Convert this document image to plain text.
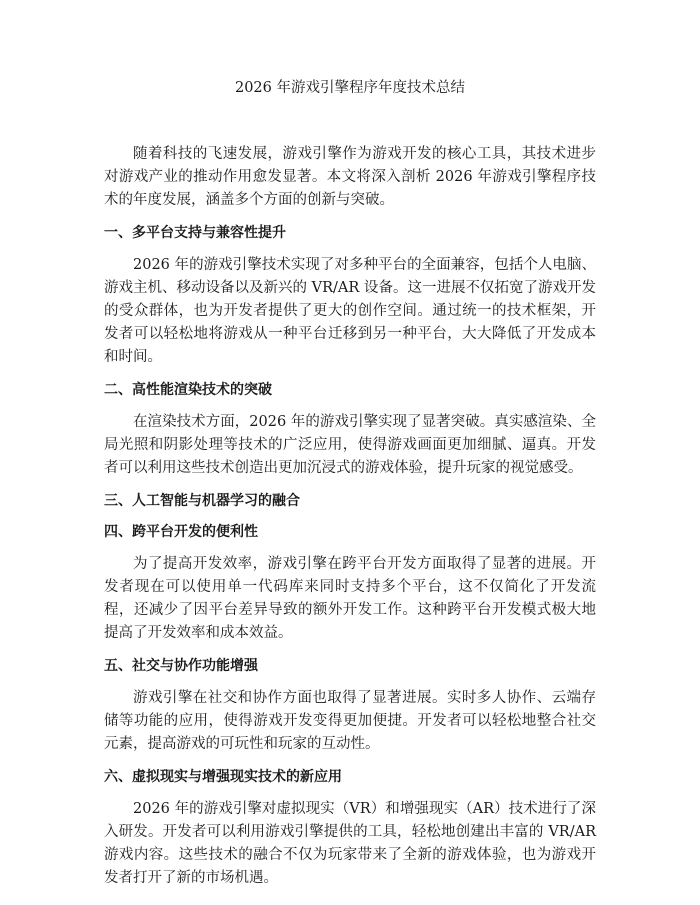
2026 年游戏引擎程序年度技术总结

随着科技的飞速发展，游戏引擎作为游戏开发的核心工具，其技术进步对游戏产业的推动作用愈发显著。本文将深入剖析 2026 年游戏引擎程序技术的年度发展，涵盖多个方面的创新与突破。

一、多平台支持与兼容性提升

2026 年的游戏引擎技术实现了对多种平台的全面兼容，包括个人电脑、游戏主机、移动设备以及新兴的 VR/AR 设备。这一进展不仅拓宽了游戏开发的受众群体，也为开发者提供了更大的创作空间。通过统一的技术框架，开发者可以轻松地将游戏从一种平台迁移到另一种平台，大大降低了开发成本和时间。

二、高性能渲染技术的突破

在渲染技术方面，2026 年的游戏引擎实现了显著突破。真实感渲染、全局光照和阴影处理等技术的广泛应用，使得游戏画面更加细腻、逼真。开发者可以利用这些技术创造出更加沉浸式的游戏体验，提升玩家的视觉感受。

三、人工智能与机器学习的融合
四、跨平台开发的便利性

为了提高开发效率，游戏引擎在跨平台开发方面取得了显著的进展。开发者现在可以使用单一代码库来同时支持多个平台，这不仅简化了开发流程，还减少了因平台差异导致的额外开发工作。这种跨平台开发模式极大地提高了开发效率和成本效益。

五、社交与协作功能增强

游戏引擎在社交和协作方面也取得了显著进展。实时多人协作、云端存储等功能的应用，使得游戏开发变得更加便捷。开发者可以轻松地整合社交元素，提高游戏的可玩性和玩家的互动性。

六、虚拟现实与增强现实技术的新应用

2026 年的游戏引擎对虚拟现实（VR）和增强现实（AR）技术进行了深入研发。开发者可以利用游戏引擎提供的工具，轻松地创建出丰富的 VR/AR 游戏内容。这些技术的融合不仅为玩家带来了全新的游戏体验，也为游戏开发者打开了新的市场机遇。
